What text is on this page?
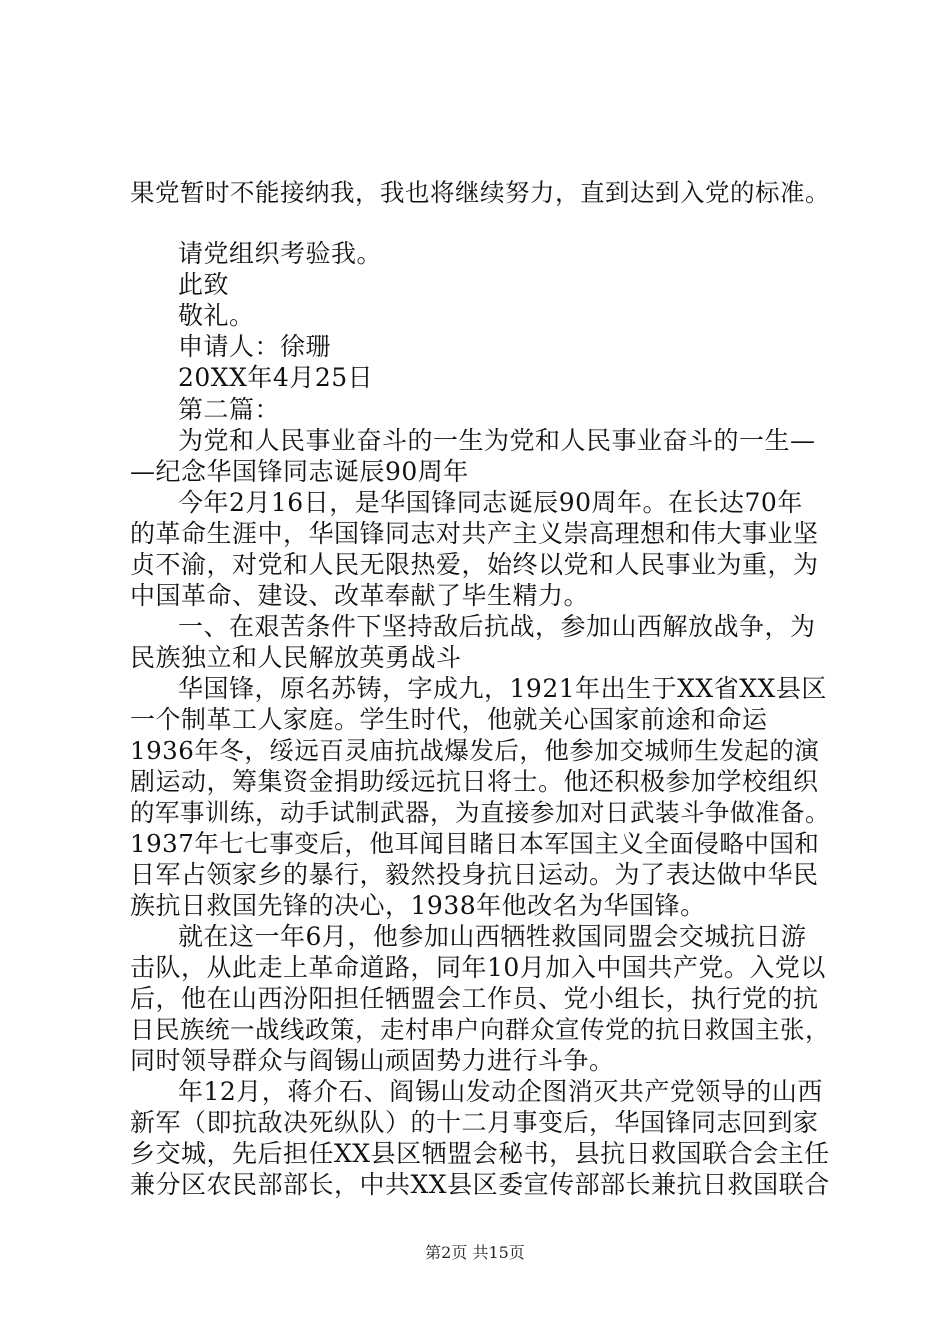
果党暂时不能接纳我，我也将继续努力，直到达到入党的标准。
请党组织考验我。
此致
敬礼。
申请人：徐珊
20XX年4月25日
第二篇：
为党和人民事业奋斗的一生为党和人民事业奋斗的一生—
—纪念华国锋同志诞辰90周年
今年2月16日，是华国锋同志诞辰90周年。在长达70年
的革命生涯中，华国锋同志对共产主义崇高理想和伟大事业坚
贞不渝，对党和人民无限热爱，始终以党和人民事业为重，为
中国革命、建设、改革奉献了毕生精力。
一、在艰苦条件下坚持敌后抗战，参加山西解放战争，为
民族独立和人民解放英勇战斗
华国锋，原名苏铸，字成九，1921年出生于XX省XX县区
一个制革工人家庭。学生时代，他就关心国家前途和命运
1936年冬，绥远百灵庙抗战爆发后，他参加交城师生发起的演
剧运动，筹集资金捐助绥远抗日将士。他还积极参加学校组织
的军事训练，动手试制武器，为直接参加对日武装斗争做准备。
1937年七七事变后，他耳闻目睹日本军国主义全面侵略中国和
日军占领家乡的暴行，毅然投身抗日运动。为了表达做中华民
族抗日救国先锋的决心，1938年他改名为华国锋。
就在这一年6月，他参加山西牺牲救国同盟会交城抗日游
击队，从此走上革命道路，同年10月加入中国共产党。入党以
后，他在山西汾阳担任牺盟会工作员、党小组长，执行党的抗
日民族统一战线政策，走村串户向群众宣传党的抗日救国主张，
同时领导群众与阎锡山顽固势力进行斗争。
年12月，蒋介石、阎锡山发动企图消灭共产党领导的山西
新军（即抗敌决死纵队）的十二月事变后，华国锋同志回到家
乡交城，先后担任XX县区牺盟会秘书，县抗日救国联合会主任
兼分区农民部部长，中共XX县区委宣传部部长兼抗日救国联合
第2页 共15页
